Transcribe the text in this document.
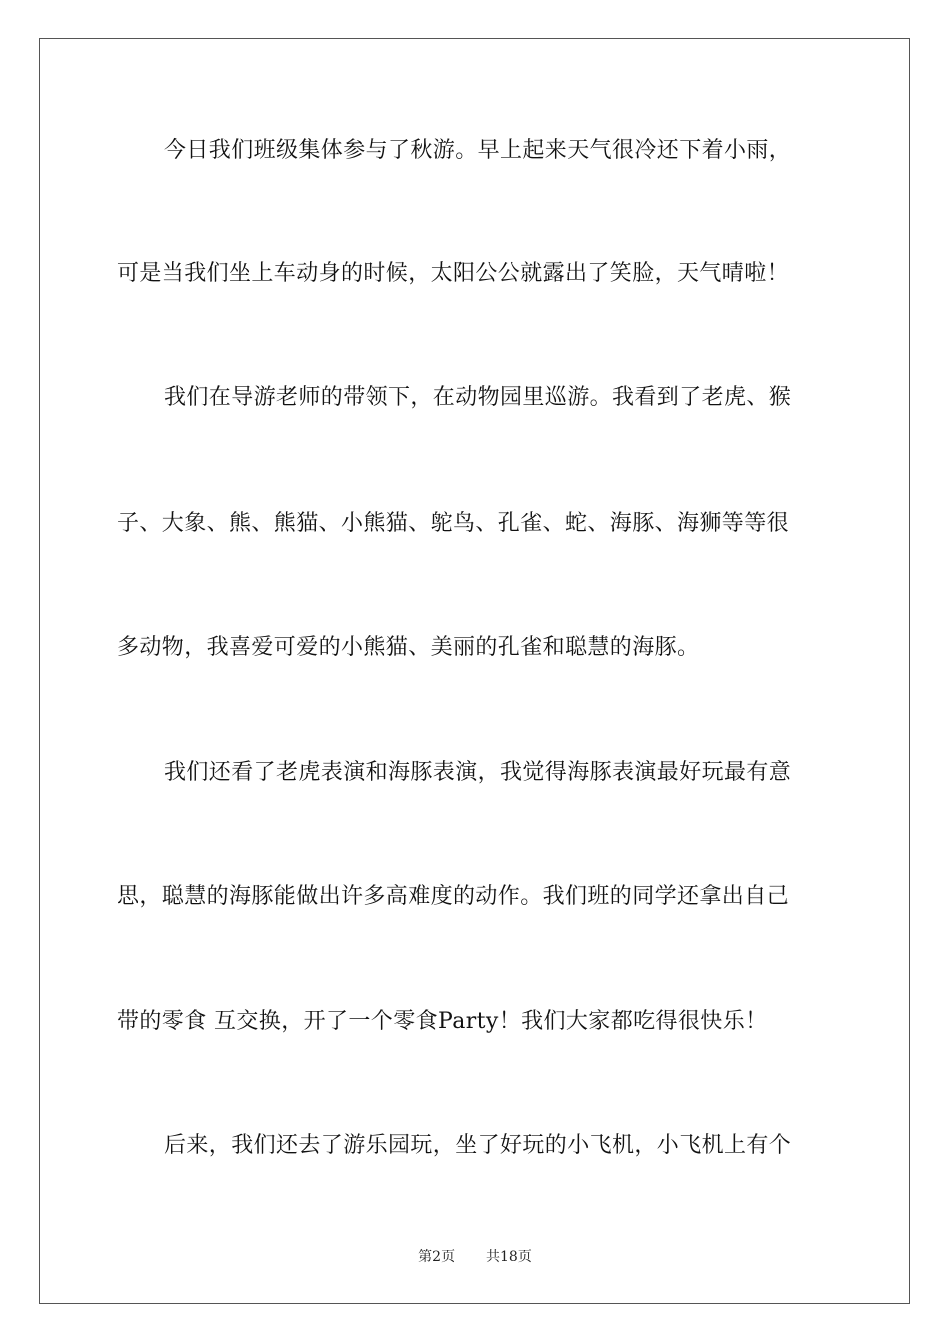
今日我们班级集体参与了秋游。早上起来天气很冷还下着小雨，
可是当我们坐上车动身的时候，太阳公公就露出了笑脸，天气晴啦！
我们在导游老师的带领下，在动物园里巡游。我看到了老虎、猴
子、大象、熊、熊猫、小熊猫、鸵鸟、孔雀、蛇、海豚、海狮等等很
多动物，我喜爱可爱的小熊猫、美丽的孔雀和聪慧的海豚。
我们还看了老虎表演和海豚表演，我觉得海豚表演最好玩最有意
思，聪慧的海豚能做出许多高难度的动作。我们班的同学还拿出自己
带的零食 互交换，开了一个零食Party！我们大家都吃得很快乐！
后来，我们还去了游乐园玩，坐了好玩的小飞机，小飞机上有个
第2页 共18页
